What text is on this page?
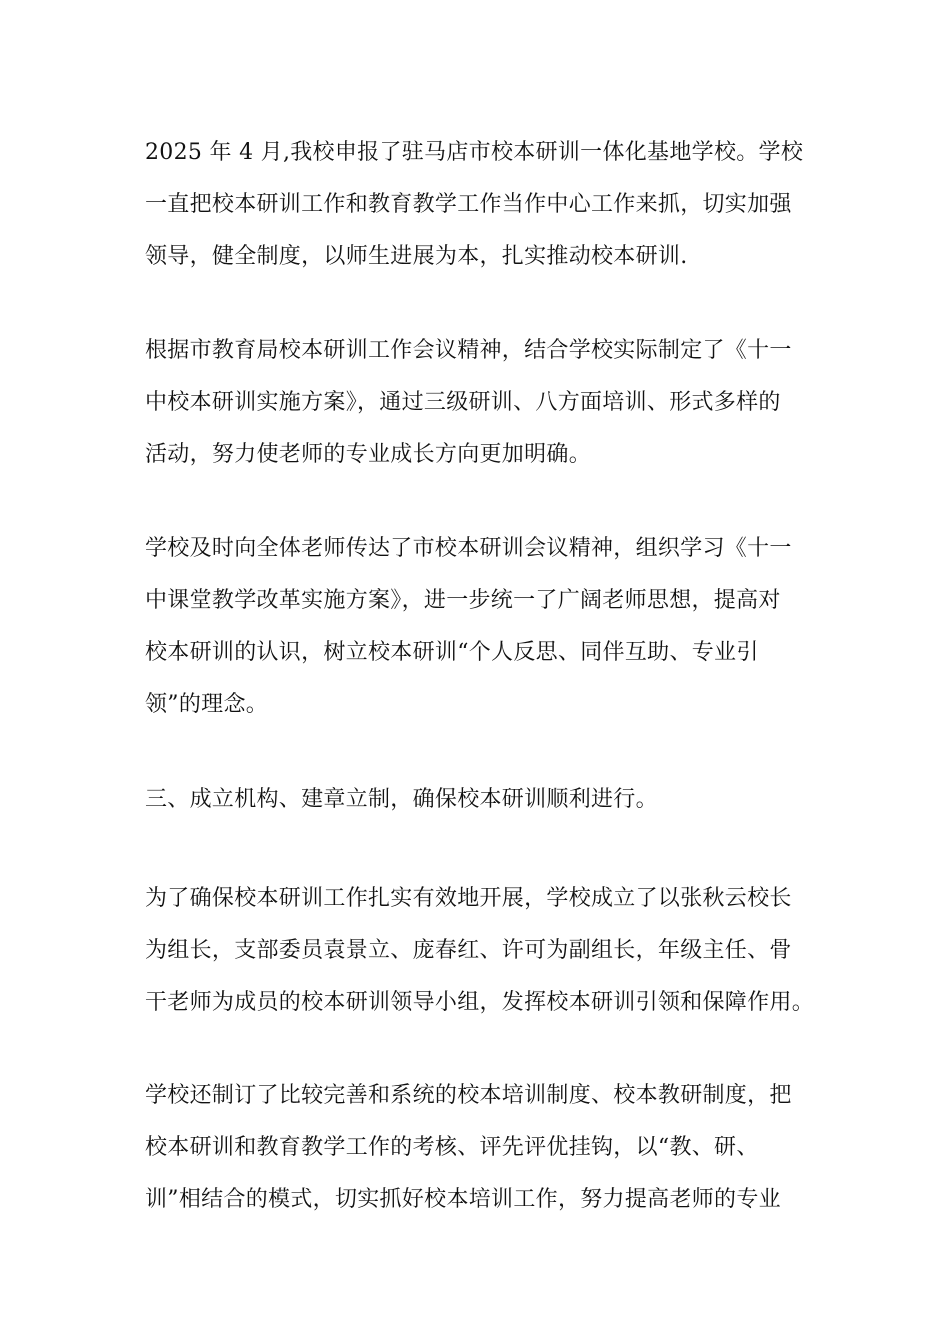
2025 年 4 月,我校申报了驻马店市校本研训一体化基地学校。学校
一直把校本研训工作和教育教学工作当作中心工作来抓，切实加强
领导，健全制度，以师生进展为本，扎实推动校本研训.

根据市教育局校本研训工作会议精神，结合学校实际制定了《十一
中校本研训实施方案》，通过三级研训、八方面培训、形式多样的
活动，努力使老师的专业成长方向更加明确。

学校及时向全体老师传达了市校本研训会议精神，组织学习《十一
中课堂教学改革实施方案》，进一步统一了广阔老师思想，提高对
校本研训的认识，树立校本研训“个人反思、同伴互助、专业引
领”的理念。

三、成立机构、建章立制，确保校本研训顺利进行。

为了确保校本研训工作扎实有效地开展，学校成立了以张秋云校长
为组长，支部委员袁景立、庞春红、许可为副组长，年级主任、骨
干老师为成员的校本研训领导小组，发挥校本研训引领和保障作用。

学校还制订了比较完善和系统的校本培训制度、校本教研制度，把
校本研训和教育教学工作的考核、评先评优挂钩，以“教、研、
训”相结合的模式，切实抓好校本培训工作，努力提高老师的专业
